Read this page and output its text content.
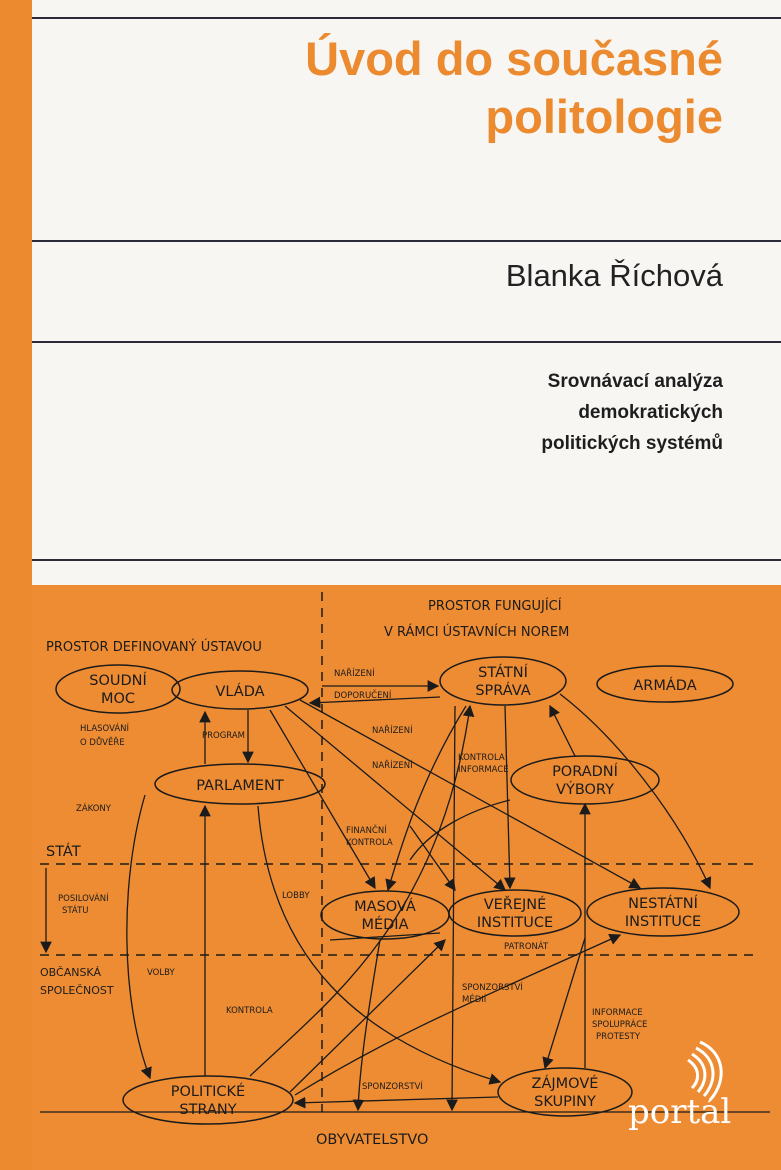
Úvod do současné
politologie
Blanka Říchová
Srovnávací analýza
demokratických
politických systémů
PROSTOR DEFINOVANÝ ÚSTAVOU
PROSTOR FUNGUJÍCÍ
V RÁMCI ÚSTAVNÍCH NOREM
STÁT
OBČANSKÁ
SPOLEČNOST
OBYVATELSTVO
SOUDNÍ
MOC	VLÁDA
STÁTNÍ
SPRÁVA	ARMÁDA
PARLAMENT
PORADNÍ
VÝBORY
MASOVÁ
MÉDIA
VEŘEJNÉ
INSTITUCE
NESTÁTNÍ
INSTITUCE
POLITICKÉ
STRANY
ZÁJMOVÉ
SKUPINY
NAŘÍZENÍ
DOPORUČENÍ
NAŘÍZENÍ
NAŘÍZENÍ
HLASOVÁNÍ
O DŮVĚŘE
PROGRAM
KONTROLA
INFORMACE
ZÁKONY
FINANČNÍ
KONTROLA
POSILOVÁNÍ
STÁTU
LOBBY
PATRONÁT
VOLBY
SPONZORSTVÍ
MÉDIÍ
INFORMACE
SPOLUPRÁCE
PROTESTY
KONTROLA
SPONZORSTVÍ
portál
